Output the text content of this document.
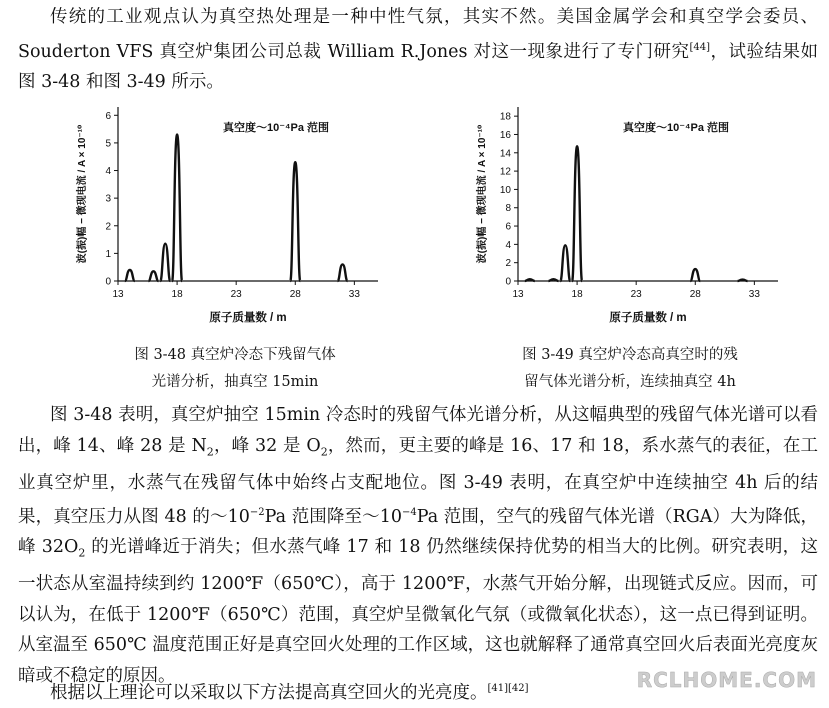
传统的工业观点认为真空热处理是一种中性气氛，其实不然。美国金属学会和真空学会委员、Souderton VFS 真空炉集团公司总裁 William R.Jones 对这一现象进行了专门研究[44]，试验结果如图 3-48 和图 3-49 所示。

0
1
2
3
4
5
6
13	18	23	28	33
原子质量数 / m
波(振)幅 − 微现电流 / A × 10⁻¹⁰	真空度～10⁻⁴Pa 范围
0
2
4
6
8
10
12
14
16
18
13	18	23	28	33
原子质量数 / m
波(振)幅 − 微现电流 / A × 10⁻¹⁰	真空度～10⁻⁴Pa 范围
图 3-48 真空炉冷态下残留气体
光谱分析，抽真空 15min
图 3-49 真空炉冷态高真空时的残
留气体光谱分析，连续抽真空 4h

图 3-48 表明，真空炉抽空 15min 冷态时的残留气体光谱分析，从这幅典型的残留气体光谱可以看出，峰 14、峰 28 是 $N_2$，峰 32 是 $O_2$，然而，更主要的峰是 16、17 和 18，系水蒸气的表征，在工业真空炉里，水蒸气在残留气体中始终占支配地位。图 3-49 表明，在真空炉中连续抽空 4h 后的结果，真空压力从图 48 的$\sim 10^{-2}Pa$ 范围降至$\sim 10^{-4}Pa$ 范围，空气的残留气体光谱（RGA）大为降低，峰 $32O_2$ 的光谱峰近于消失；但水蒸气峰 17 和 18 仍然继续保持优势的相当大的比例。研究表明，这一状态从室温持续到约 1200℉（650℃），高于 1200℉，水蒸气开始分解，出现链式反应。因而，可以认为，在低于 1200℉（650℃）范围，真空炉呈微氧化气氛（或微氧化状态），这一点已得到证明。从室温至 650℃ 温度范围正好是真空回火处理的工作区域，这也就解释了通常真空回火后表面光亮度灰暗或不稳定的原因。

根据以上理论可以采取以下方法提高真空回火的光亮度。[41][42]	RCLHOME.COM
